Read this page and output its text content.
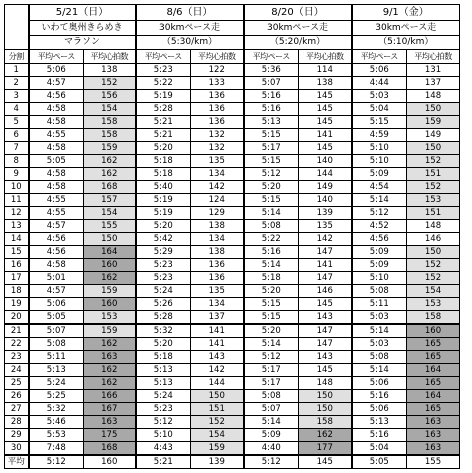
	5/21（日）		8/6（日）		8/20（日）		9/1（金）	
	いわて奥州きらめき		30kmペース走		30kmペース走		30kmペース走	
	マラソン		（5:30/km）		（5:20/km）		（5:10/km）	
分割	平均ペース	平均心拍数	平均ペース	平均心拍数	平均ペース	平均心拍数	平均ペース	平均心拍数
1	5:06	138	5:23	122	5:36	114	5:06	131
2	4:57	152	5:22	133	5:07	138	4:44	137
3	4:56	156	5:19	136	5:16	145	5:03	148
4	4:58	154	5:28	136	5:16	145	5:04	150
5	4:58	158	5:21	136	5:13	145	5:15	159
6	4:55	158	5:21	132	5:15	141	4:59	149
7	4:58	159	5:20	132	5:17	145	5:10	150
8	5:05	162	5:18	135	5:15	140	5:10	152
9	4:58	162	5:18	134	5:12	144	5:09	151
10	4:58	168	5:40	142	5:20	149	4:54	152
11	4:55	157	5:19	124	5:15	140	5:14	153
12	4:55	154	5:19	129	5:14	139	5:12	151
13	4:57	155	5:20	138	5:08	135	4:52	148
14	4:56	150	5:42	134	5:22	142	4:56	146
15	4:56	164	5:29	138	5:16	147	5:09	150
16	4:58	160	5:23	136	5:14	141	5:09	152
17	5:01	162	5:23	136	5:18	147	5:10	152
18	4:57	159	5:24	135	5:20	146	5:08	154
19	5:06	160	5:26	134	5:15	145	5:11	153
20	5:05	153	5:28	137	5:15	143	5:03	158
21	5:07	159	5:32	141	5:20	147	5:14	160
22	5:08	162	5:20	141	5:14	147	5:03	165
23	5:11	163	5:18	143	5:12	143	5:08	165
24	5:13	162	5:13	142	5:17	145	5:14	164
25	5:24	162	5:13	144	5:17	148	5:06	165
26	5:25	166	5:24	150	5:08	150	5:16	164
27	5:32	167	5:23	151	5:07	150	5:06	165
28	5:46	163	5:12	152	5:14	158	5:13	163
29	5:53	175	5:10	154	5:09	162	5:16	163
30	7:48	168	4:43	159	4:40	177	5:04	163
平均	5:12	160	5:21	139	5:12	145	5:05	155
